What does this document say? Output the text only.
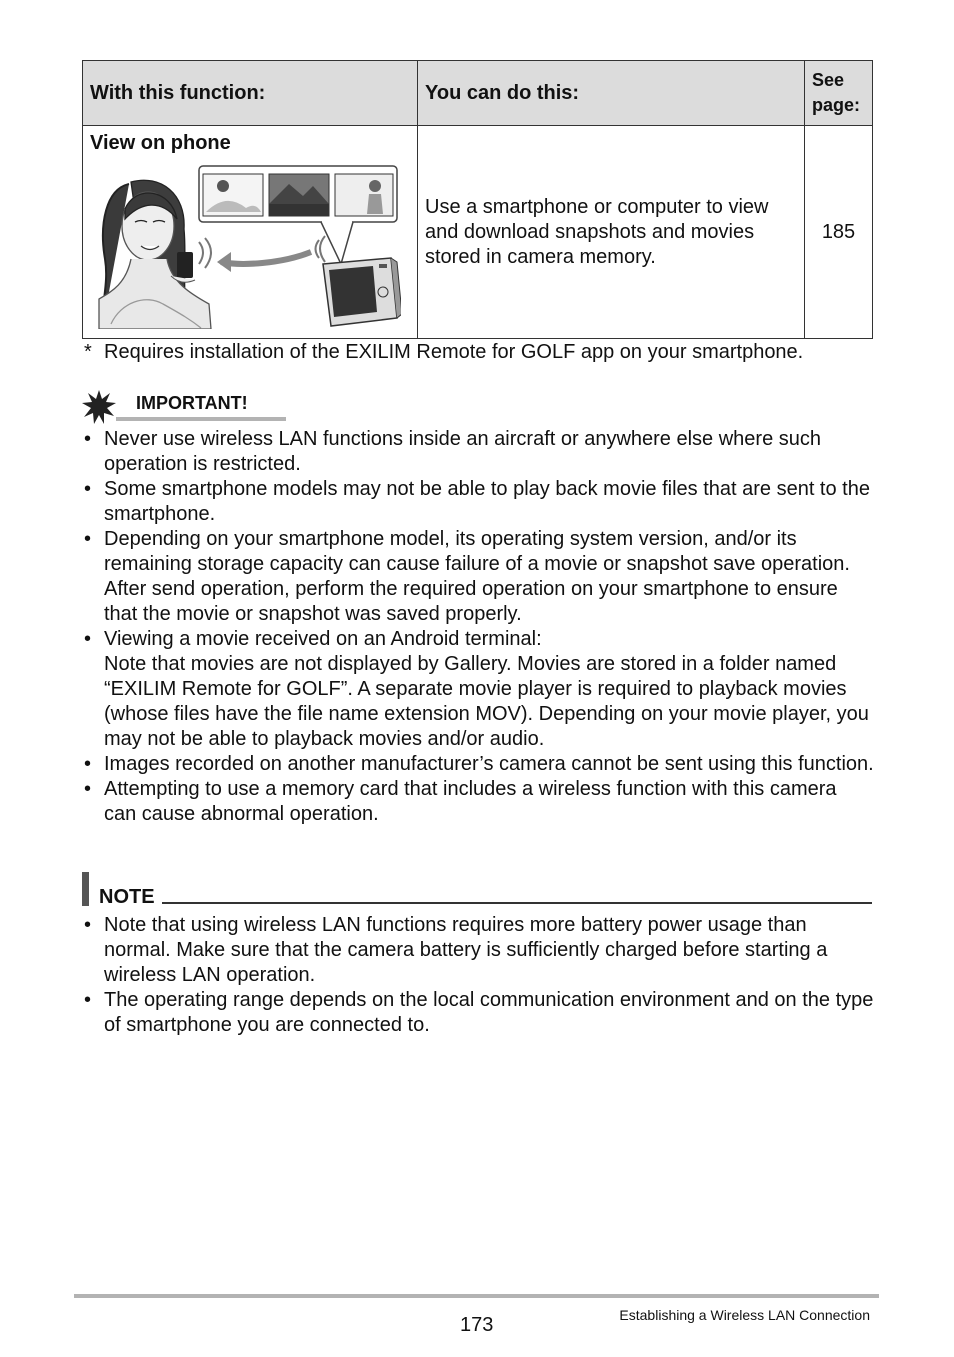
With this function:	You can do this:	See
page:

View on phone	Use a smartphone or computer to view and download snapshots and movies stored in camera memory.	185
* Requires installation of the EXILIM Remote for GOLF app on your smartphone.
IMPORTANT!
• Never use wireless LAN functions inside an aircraft or anywhere else where such operation is restricted.
• Some smartphone models may not be able to play back movie files that are sent to the smartphone.
• Depending on your smartphone model, its operating system version, and/or its remaining storage capacity can cause failure of a movie or snapshot save operation. After send operation, perform the required operation on your smartphone to ensure that the movie or snapshot was saved properly.
• Viewing a movie received on an Android terminal:
Note that movies are not displayed by Gallery. Movies are stored in a folder named “EXILIM Remote for GOLF”. A separate movie player is required to playback movies (whose files have the file name extension MOV). Depending on your movie player, you may not be able to playback movies and/or audio.
• Images recorded on another manufacturer’s camera cannot be sent using this function.
• Attempting to use a memory card that includes a wireless function with this camera can cause abnormal operation.
NOTE
• Note that using wireless LAN functions requires more battery power usage than normal. Make sure that the camera battery is sufficiently charged before starting a wireless LAN operation.
• The operating range depends on the local communication environment and on the type of smartphone you are connected to.
173	Establishing a Wireless LAN Connection
